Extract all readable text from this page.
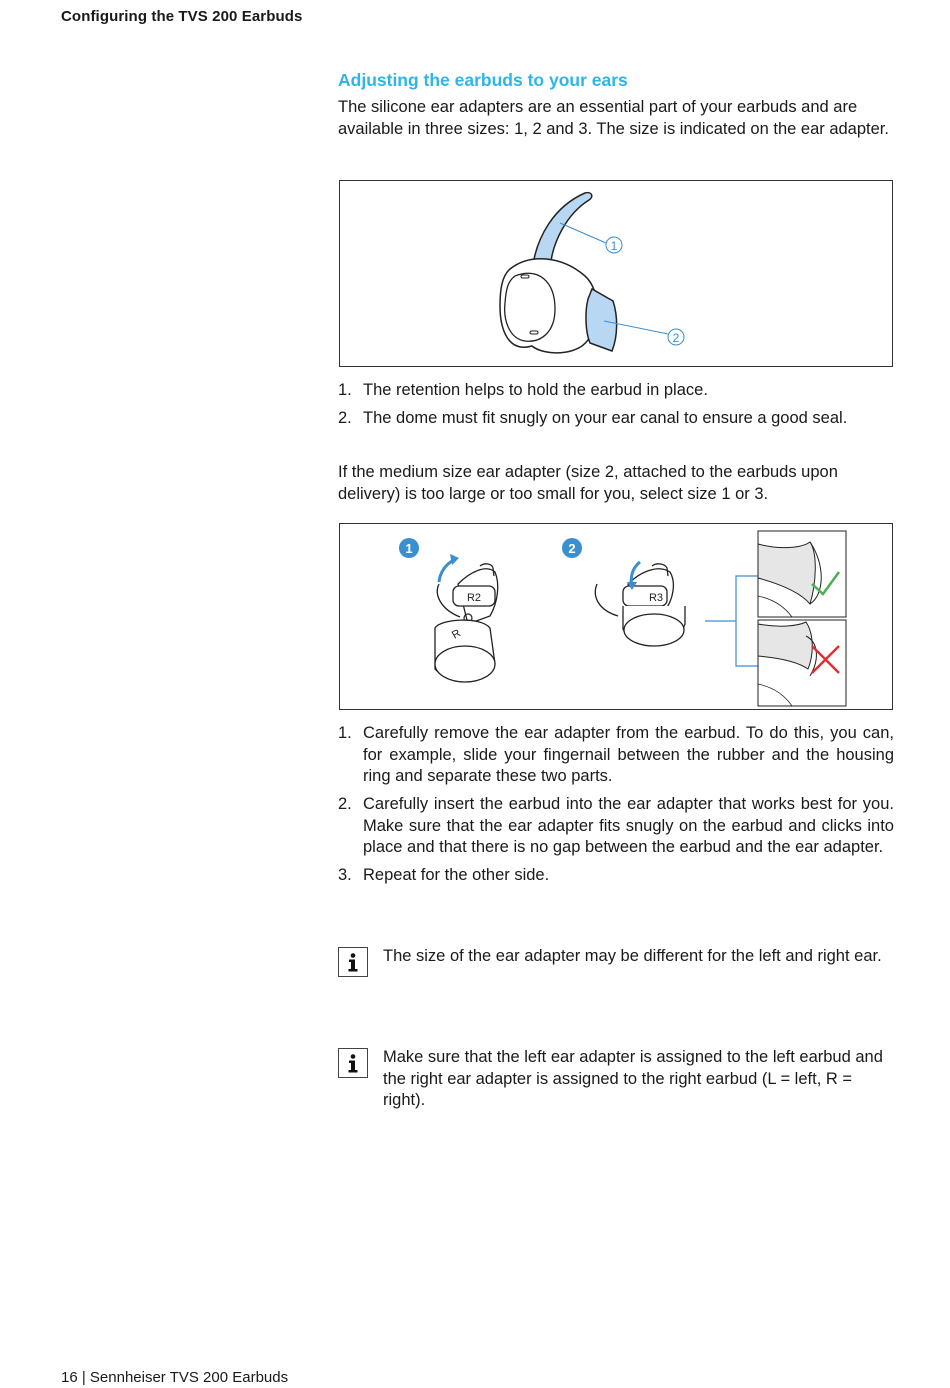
Configuring the TVS 200 Earbuds
Adjusting the earbuds to your ears
The silicone ear adapters are an essential part of your earbuds and are available in three sizes: 1, 2 and 3. The size is indicated on the ear adapter.
1
2
1. The retention helps to hold the earbud in place.
2. The dome must fit snugly on your ear canal to ensure a good seal.
If the medium size ear adapter (size 2, attached to the earbuds upon delivery) is too large or too small for you, select size 1 or 3.
1	2
R2
R
R3
1. Carefully remove the ear adapter from the earbud. To do this, you can, for example, slide your fingernail between the rubber and the housing ring and separate these two parts.
2. Carefully insert the earbud into the ear adapter that works best for you. Make sure that the ear adapter fits snugly on the earbud and clicks into place and that there is no gap between the earbud and the ear adapter.
3. Repeat for the other side.
The size of the ear adapter may be different for the left and right ear.
Make sure that the left ear adapter is assigned to the left earbud and the right ear adapter is assigned to the right earbud (L = left, R = right).
16 | Sennheiser TVS 200 Earbuds
